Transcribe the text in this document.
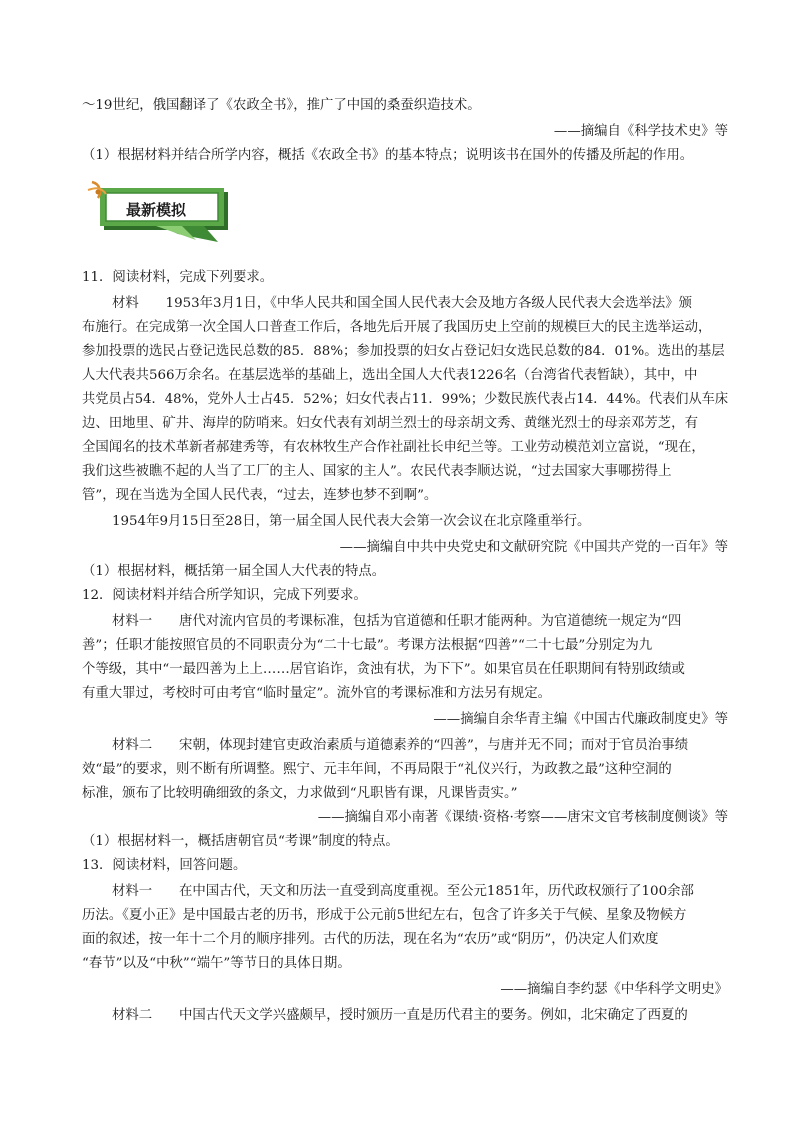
～19世纪，俄国翻译了《农政全书》，推广了中国的桑蚕织造技术。
——摘编自《科学技术史》等
（1）根据材料并结合所学内容，概括《农政全书》的基本特点；说明该书在国外的传播及所起的作用。
最新模拟
11．阅读材料，完成下列要求。
材料　　1953年3月1日，《中华人民共和国全国人民代表大会及地方各级人民代表大会选举法》颁
布施行。在完成第一次全国人口普查工作后，各地先后开展了我国历史上空前的规模巨大的民主选举运动，
参加投票的选民占登记选民总数的85．88%；参加投票的妇女占登记妇女选民总数的84．01%。选出的基层
人大代表共566万余名。在基层选举的基础上，选出全国人大代表1226名（台湾省代表暂缺），其中，中
共党员占54．48%，党外人士占45．52%；妇女代表占11．99%；少数民族代表占14．44%。代表们从车床
边、田地里、矿井、海岸的防哨来。妇女代表有刘胡兰烈士的母亲胡文秀、黄继光烈士的母亲邓芳芝，有
全国闻名的技术革新者郝建秀等，有农林牧生产合作社副社长申纪兰等。工业劳动模范刘立富说，“现在，
我们这些被瞧不起的人当了工厂的主人、国家的主人”。农民代表李顺达说，“过去国家大事哪捞得上
管”，现在当选为全国人民代表，“过去，连梦也梦不到啊”。
1954年9月15日至28日，第一届全国人民代表大会第一次会议在北京隆重举行。
——摘编自中共中央党史和文献研究院《中国共产党的一百年》等
（1）根据材料，概括第一届全国人大代表的特点。
12．阅读材料并结合所学知识，完成下列要求。
材料一　　唐代对流内官员的考课标准，包括为官道德和任职才能两种。为官道德统一规定为“四
善”；任职才能按照官员的不同职责分为“二十七最”。考课方法根据“四善”“二十七最”分别定为九
个等级，其中“一最四善为上上……居官谄诈，贪浊有状，为下下”。如果官员在任职期间有特别政绩或
有重大罪过，考校时可由考官“临时量定”。流外官的考课标准和方法另有规定。
——摘编自余华青主编《中国古代廉政制度史》等
材料二　　宋朝，体现封建官吏政治素质与道德素养的“四善”，与唐并无不同；而对于官员治事绩
效“最”的要求，则不断有所调整。熙宁、元丰年间，不再局限于“礼仪兴行，为政教之最”这种空洞的
标准，颁布了比较明确细致的条文，力求做到“凡职皆有课，凡课皆责实。”
——摘编自邓小南著《课绩·资格·考察——唐宋文官考核制度侧谈》等
（1）根据材料一，概括唐朝官员“考课”制度的特点。
13．阅读材料，回答问题。
材料一　　在中国古代，天文和历法一直受到高度重视。至公元1851年，历代政权颁行了100余部
历法。《夏小正》是中国最古老的历书，形成于公元前5世纪左右，包含了许多关于气候、星象及物候方
面的叙述，按一年十二个月的顺序排列。古代的历法，现在名为“农历”或“阴历”，仍决定人们欢度
“春节”以及“中秋”“端午”等节日的具体日期。
——摘编自李约瑟《中华科学文明史》
材料二　　中国古代天文学兴盛颇早，授时颁历一直是历代君主的要务。例如，北宋确定了西夏的
